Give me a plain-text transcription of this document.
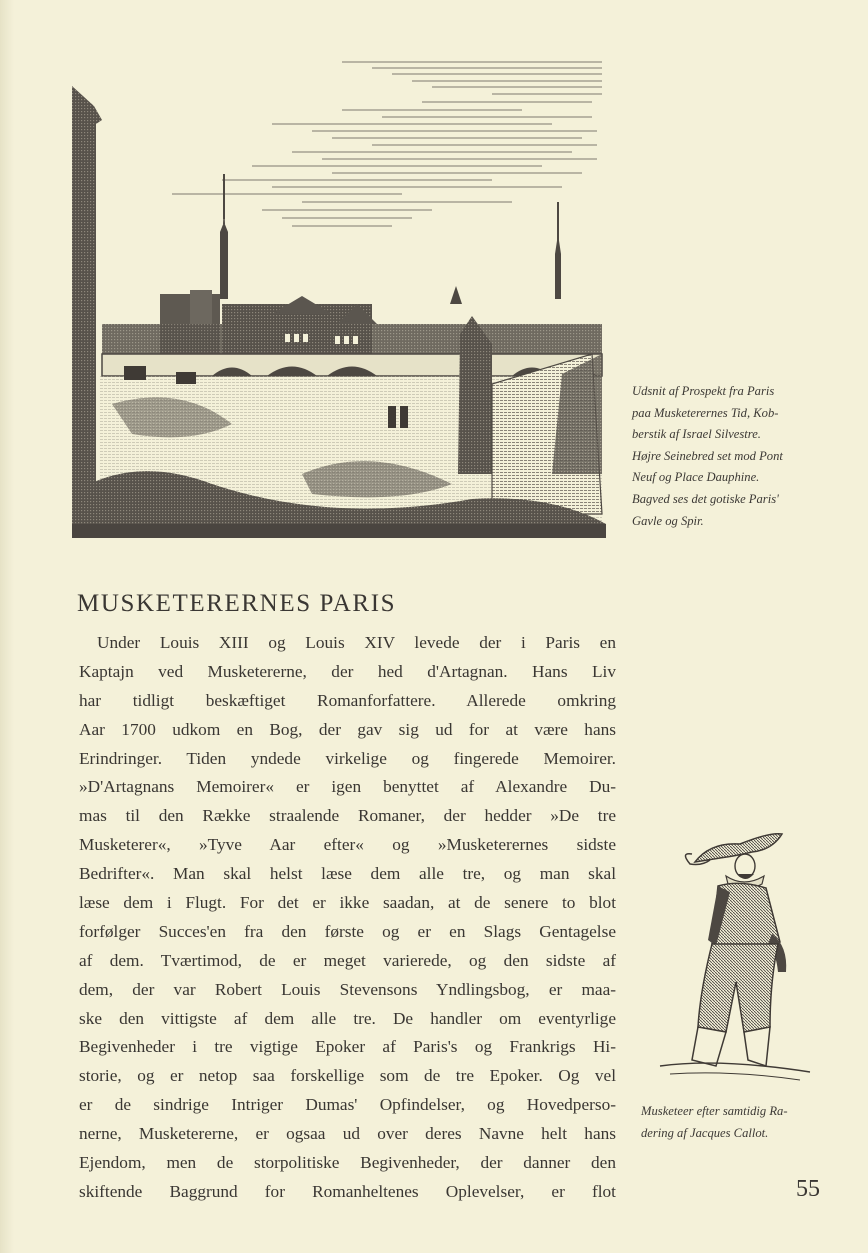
Udsnit af Prospekt fra Paris
paa Musketerernes Tid, Kob-
berstik af Israel Silvestre.
Højre Seinebred set mod Pont
Neuf og Place Dauphine.
Bagved ses det gotiske Paris'
Gavle og Spir.
MUSKETERERNES PARIS
Under Louis XIII og Louis XIV levede der i Paris en
Kaptajn ved Musketererne, der hed d'Artagnan. Hans Liv
har tidligt beskæftiget Romanforfattere. Allerede omkring
Aar 1700 udkom en Bog, der gav sig ud for at være hans
Erindringer. Tiden yndede virkelige og fingerede Memoirer.
»D'Artagnans Memoirer« er igen benyttet af Alexandre Du-
mas til den Række straalende Romaner, der hedder »De tre
Musketerer«, »Tyve Aar efter« og »Musketerernes sidste
Bedrifter«. Man skal helst læse dem alle tre, og man skal
læse dem i Flugt. For det er ikke saadan, at de senere to blot
forfølger Succes'en fra den første og er en Slags Gentagelse
af dem. Tværtimod, de er meget varierede, og den sidste af
dem, der var Robert Louis Stevensons Yndlingsbog, er maa-
ske den vittigste af dem alle tre. De handler om eventyrlige
Begivenheder i tre vigtige Epoker af Paris's og Frankrigs Hi-
storie, og er netop saa forskellige som de tre Epoker. Og vel
er de sindrige Intriger Dumas' Opfindelser, og Hovedperso-
nerne, Musketererne, er ogsaa ud over deres Navne helt hans
Ejendom, men de storpolitiske Begivenheder, der danner den
skiftende Baggrund for Romanheltenes Oplevelser, er flot
Musketeer efter samtidig Ra-
dering af Jacques Callot.
55
